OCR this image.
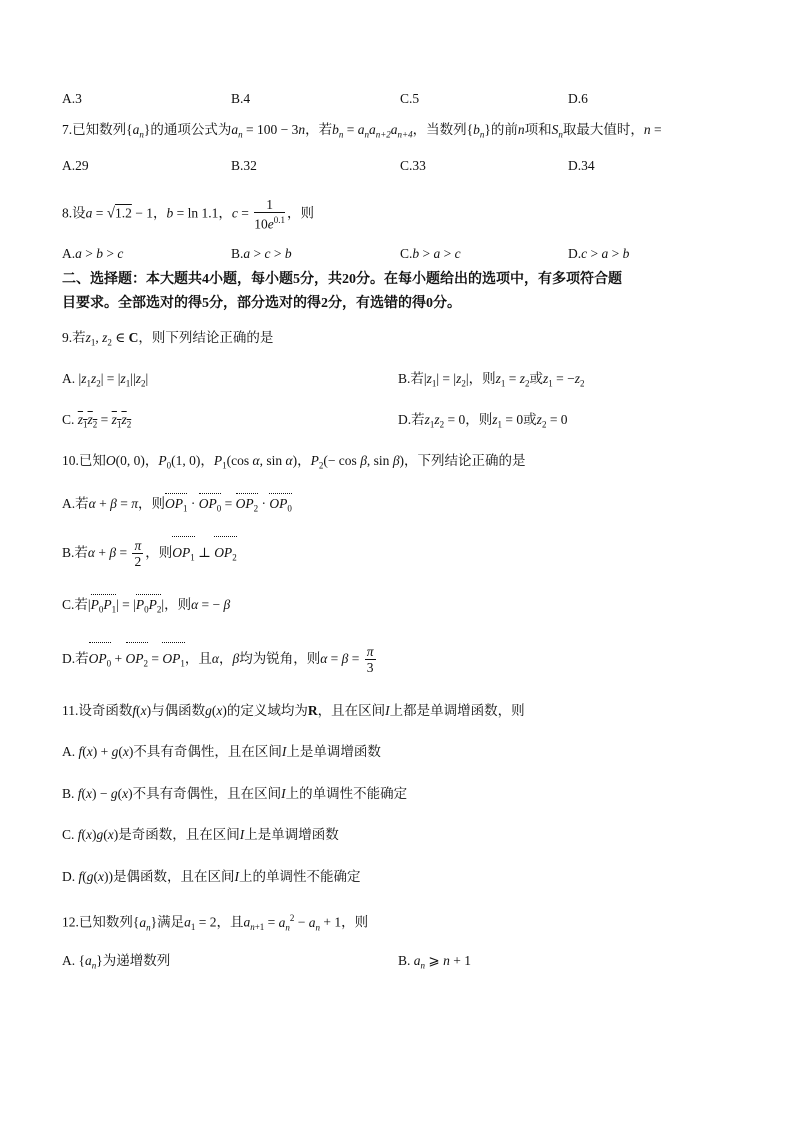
A.3	B.4	C.5	D.6
7.已知数列$\{a_n\}$的通项公式为$a_n = 100 - 3n$，若$b_n = a_na_{n+2}a_{n+4}$，当数列$\{b_n\}$的前n项和$S_n$取最大值时，n =
A.29	B.32	C.33	D.34
8.设a = √1.2 − 1，b = ln 1.1，$c = \frac{1}{10e^{0.1}}$ ，则
A.a > b > c	B.a > c > b	C.b > a > c	D.c > a > b
二、选择题：本大题共4小题，每小题5分，共20分。在每小题给出的选项中，有多项符合题
目要求。全部选对的得5分，部分选对的得2分，有选错的得0分。
9.若$z_1$, $z_2$ ∈ C，则下列结论正确的是
A. $|z_1z_2| = |z_1||z_2|$	B.若$|z_1| = |z_2|$，则$z_1 = z_2$或$z_1 = -z_2$
C. $z_1z_2 = z_1z_2$	D.若$z_1z_2 = 0$，则$z_1 = 0$或$z_2 = 0$
10.已知O(0, 0)，$P_0(1$, 0)，$P_1(\cos$ α, sin α)，$P_2(- \cos \beta$, sin β)，下列结论正确的是
A.若α + β = π，则$OP_1 \cdot OP_0 = OP_2 \cdot OP_0$
B.若$\alpha + \beta = \frac{\pi}{2}$ ，则$OP_1$ ⊥ $OP_2$
C.若$|P_0P_1| = |P_0P_2|$，则α = − β
D.若$OP_0 + OP_2 = OP_1$，且α，β均为锐角，则$\alpha = \beta = \frac{\pi}{3}$
11.设奇函数f(x)与偶函数g(x)的定义域均为R，且在区间I上都是单调增函数，则
A. f(x) + g(x)不具有奇偶性，且在区间I上是单调增函数
B. f(x) − g(x)不具有奇偶性，且在区间I上的单调性不能确定
C. f(x)g(x)是奇函数，且在区间I上是单调增函数
D. f(g(x))是偶函数，且在区间I上的单调性不能确定
12.已知数列$\{a_n\}$满足$a_1 = 2$，且$a_{n+1} = a_n^2 - a_n + 1$，则
A. $\{a_n\}$为递增数列	B. $a_n$ ⩾ n + 1
